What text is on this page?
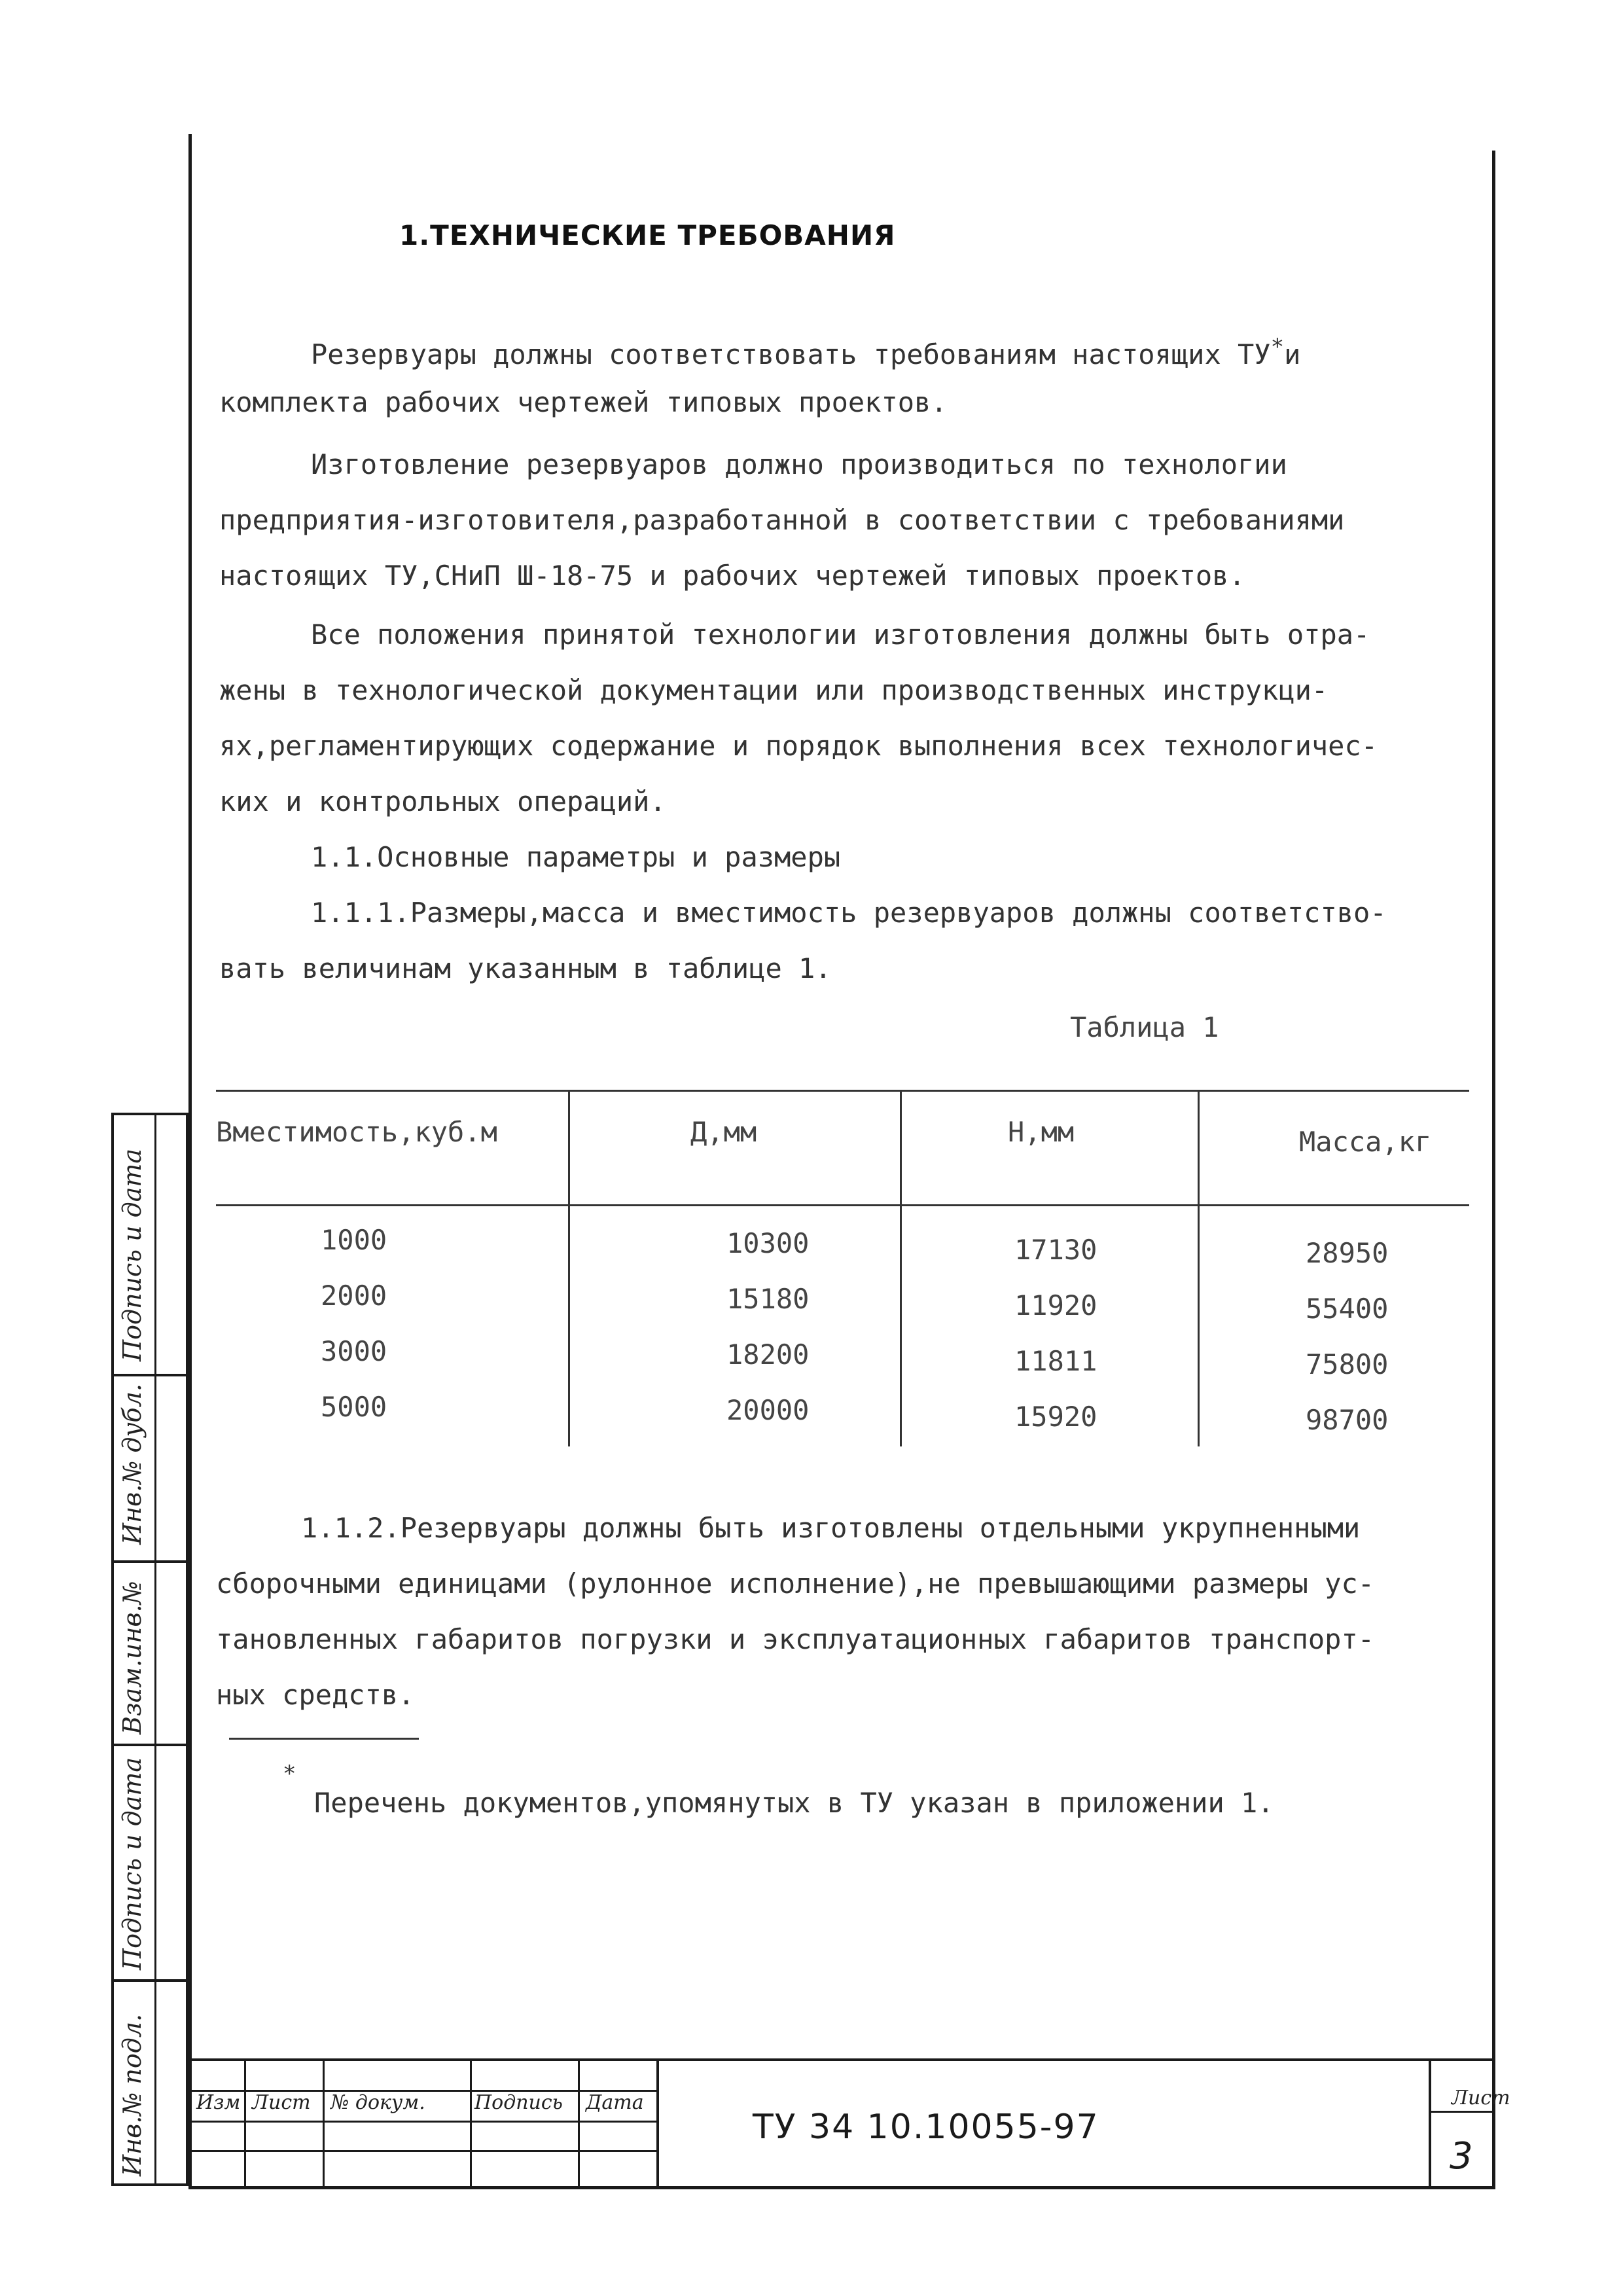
1.ТЕХНИЧЕСКИЕ ТРЕБОВАНИЯ
Резервуары должны соответствовать требованиям настоящих ТУ*и
комплекта рабочих чертежей типовых проектов.
Изготовление резервуаров должно производиться по технологии
предприятия-изготовителя,разработанной в соответствии с требованиями
настоящих ТУ,СНиП Ш-18-75 и рабочих чертежей типовых проектов.
Все положения принятой технологии изготовления должны быть отра-
жены в технологической документации или производственных инструкци-
ях,регламентирующих содержание и порядок выполнения всех технологичес-
ких и контрольных операций.
1.1.Основные параметры и размеры
1.1.1.Размеры,масса и вместимость резервуаров должны соответство-
вать величинам указанным в таблице 1.
Таблица 1
Вместимость,куб.м	Д,мм	Н,мм	Масса,кг
1000	10300	17130	28950
2000	15180	11920	55400
3000	18200	11811	75800
5000	20000	15920	98700
1.1.2.Резервуары должны быть изготовлены отдельными укрупненными
сборочными единицами (рулонное исполнение),не превышающими размеры ус-
тановленных габаритов погрузки и эксплуатационных габаритов транспорт-
ных средств.
*
Перечень документов,упомянутых в ТУ указан в приложении 1.
Подпись и дата
Инв.№ дубл.
Взам.инв.№
Подпись и дата
Инв.№ подл.	Изм Лист № докум.	Подпись Дата
ТУ 34 10.10055-97
Лист
3
